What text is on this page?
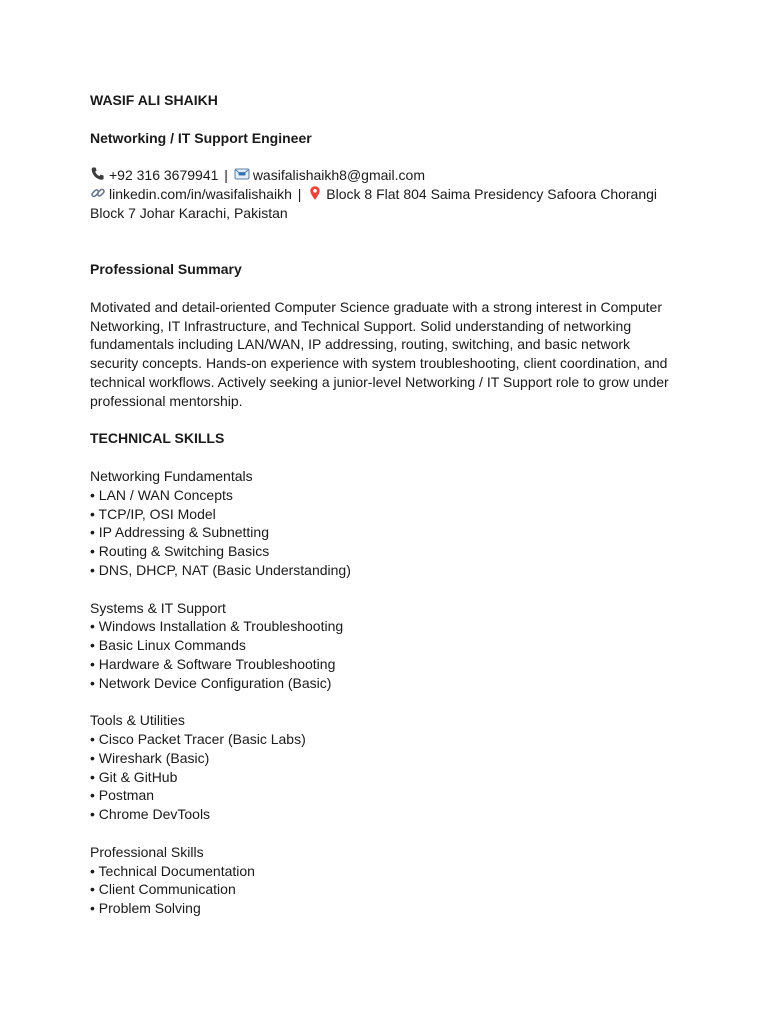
WASIF ALI SHAIKH
Networking / IT Support Engineer
+92 316 3679941 | wasifalishaikh8@gmail.com
linkedin.com/in/wasifalishaikh | Block 8 Flat 804 Saima Presidency Safoora Chorangi
Block 7 Johar Karachi, Pakistan
Professional Summary
Motivated and detail-oriented Computer Science graduate with a strong interest in Computer Networking, IT Infrastructure, and Technical Support. Solid understanding of networking fundamentals including LAN/WAN, IP addressing, routing, switching, and basic network security concepts. Hands-on experience with system troubleshooting, client coordination, and technical workflows. Actively seeking a junior-level Networking / IT Support role to grow under professional mentorship.
TECHNICAL SKILLS
Networking Fundamentals
• LAN / WAN Concepts
• TCP/IP, OSI Model
• IP Addressing & Subnetting
• Routing & Switching Basics
• DNS, DHCP, NAT (Basic Understanding)
Systems & IT Support
• Windows Installation & Troubleshooting
• Basic Linux Commands
• Hardware & Software Troubleshooting
• Network Device Configuration (Basic)
Tools & Utilities
• Cisco Packet Tracer (Basic Labs)
• Wireshark (Basic)
• Git & GitHub
• Postman
• Chrome DevTools
Professional Skills
• Technical Documentation
• Client Communication
• Problem Solving
